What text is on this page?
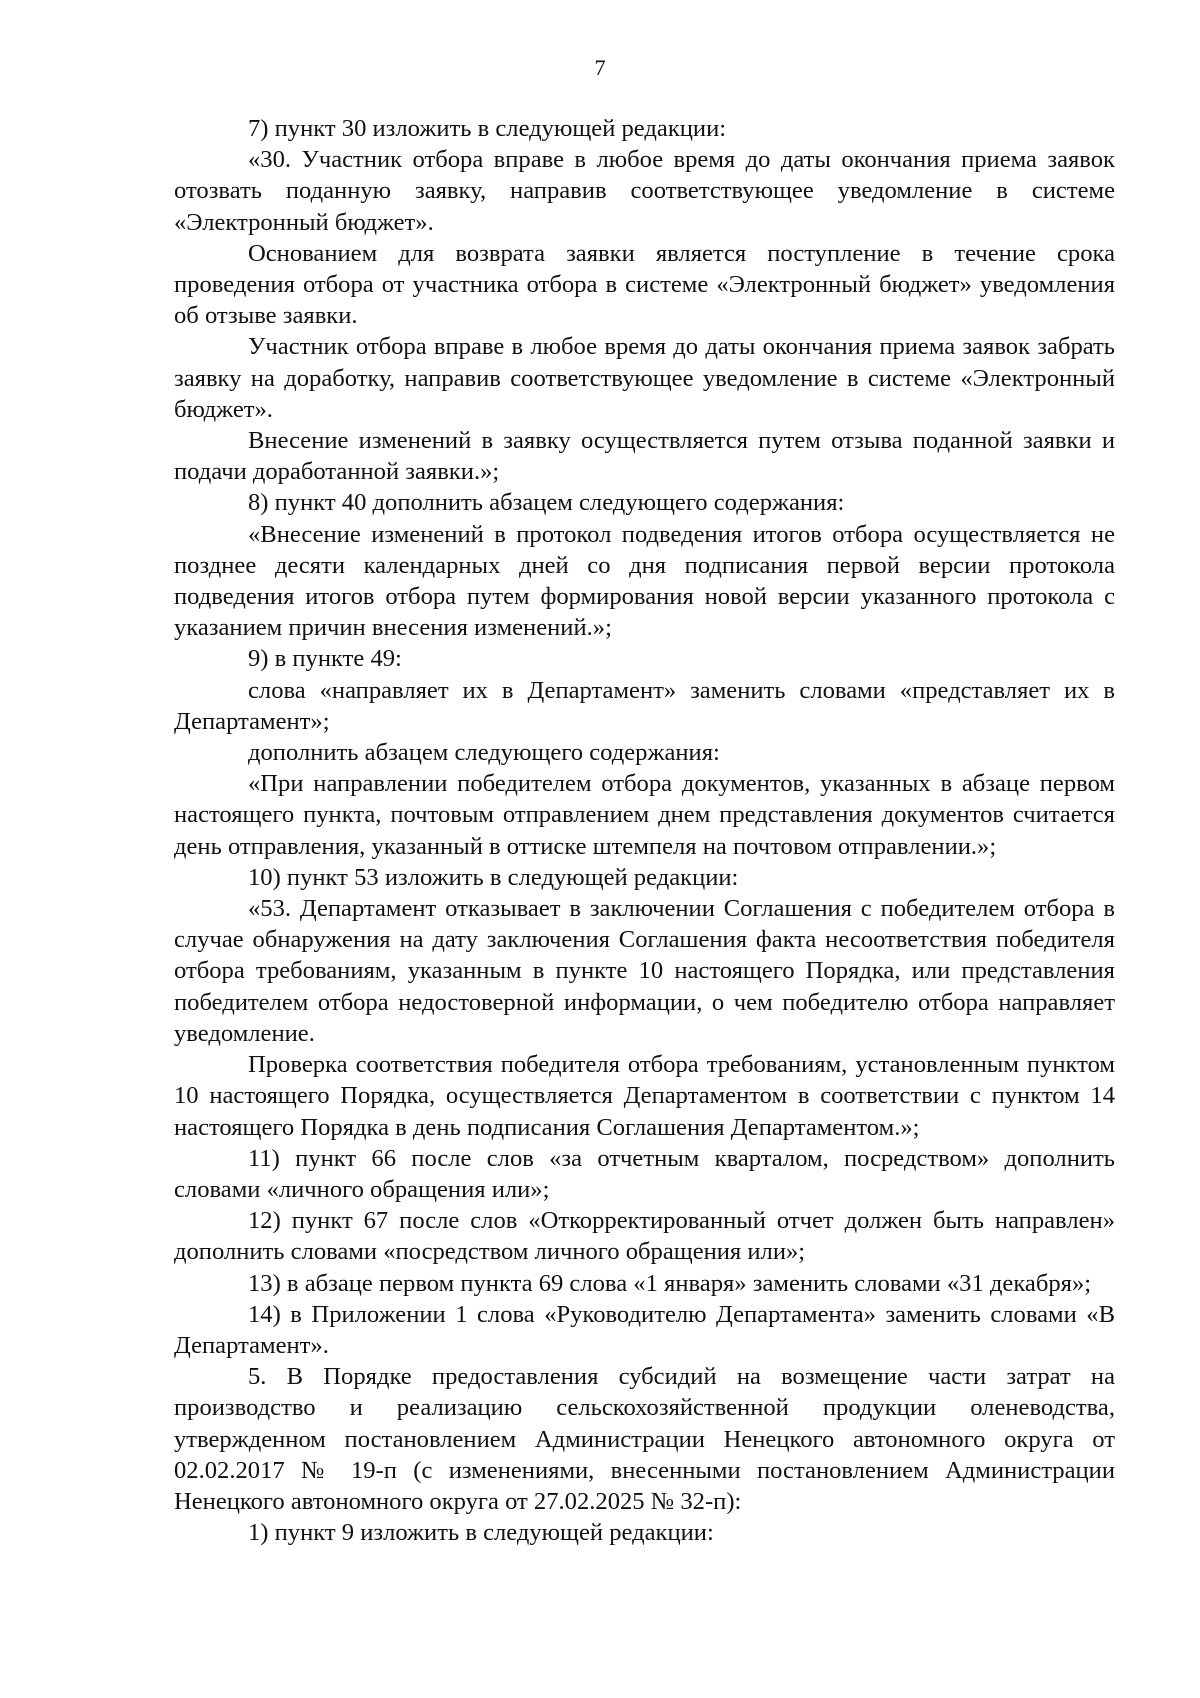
7

7) пункт 30 изложить в следующей редакции:

«30. Участник отбора вправе в любое время до даты окончания приема заявок отозвать поданную заявку, направив соответствующее уведомление в системе «Электронный бюджет».

Основанием для возврата заявки является поступление в течение срока проведения отбора от участника отбора в системе «Электронный бюджет» уведомления об отзыве заявки.

Участник отбора вправе в любое время до даты окончания приема заявок забрать заявку на доработку, направив соответствующее уведомление в системе «Электронный бюджет».

Внесение изменений в заявку осуществляется путем отзыва поданной заявки и подачи доработанной заявки.»;

8) пункт 40 дополнить абзацем следующего содержания:

«Внесение изменений в протокол подведения итогов отбора осуществляется не позднее десяти календарных дней со дня подписания первой версии протокола подведения итогов отбора путем формирования новой версии указанного протокола с указанием причин внесения изменений.»;

9) в пункте 49:

слова «направляет их в Департамент» заменить словами «представляет их в Департамент»;

дополнить абзацем следующего содержания:

«При направлении победителем отбора документов, указанных в абзаце первом настоящего пункта, почтовым отправлением днем представления документов считается день отправления, указанный в оттиске штемпеля на почтовом отправлении.»;

10) пункт 53 изложить в следующей редакции:

«53. Департамент отказывает в заключении Соглашения с победителем отбора в случае обнаружения на дату заключения Соглашения факта несоответствия победителя отбора требованиям, указанным в пункте 10 настоящего Порядка, или представления победителем отбора недостоверной информации, о чем победителю отбора направляет уведомление.

Проверка соответствия победителя отбора требованиям, установленным пунктом 10 настоящего Порядка, осуществляется Департаментом в соответствии с пунктом 14 настоящего Порядка в день подписания Соглашения Департаментом.»;

11) пункт 66 после слов «за отчетным кварталом, посредством» дополнить словами «личного обращения или»;

12) пункт 67 после слов «Откорректированный отчет должен быть направлен» дополнить словами «посредством личного обращения или»;

13) в абзаце первом пункта 69 слова «1 января» заменить словами «31 декабря»;

14) в Приложении 1 слова «Руководителю Департамента» заменить словами «В Департамент».

5. В Порядке предоставления субсидий на возмещение части затрат на производство и реализацию сельскохозяйственной продукции оленеводства, утвержденном постановлением Администрации Ненецкого автономного округа от 02.02.2017 № 19-п (с изменениями, внесенными постановлением Администрации Ненецкого автономного округа от 27.02.2025 № 32-п):

1) пункт 9 изложить в следующей редакции:
